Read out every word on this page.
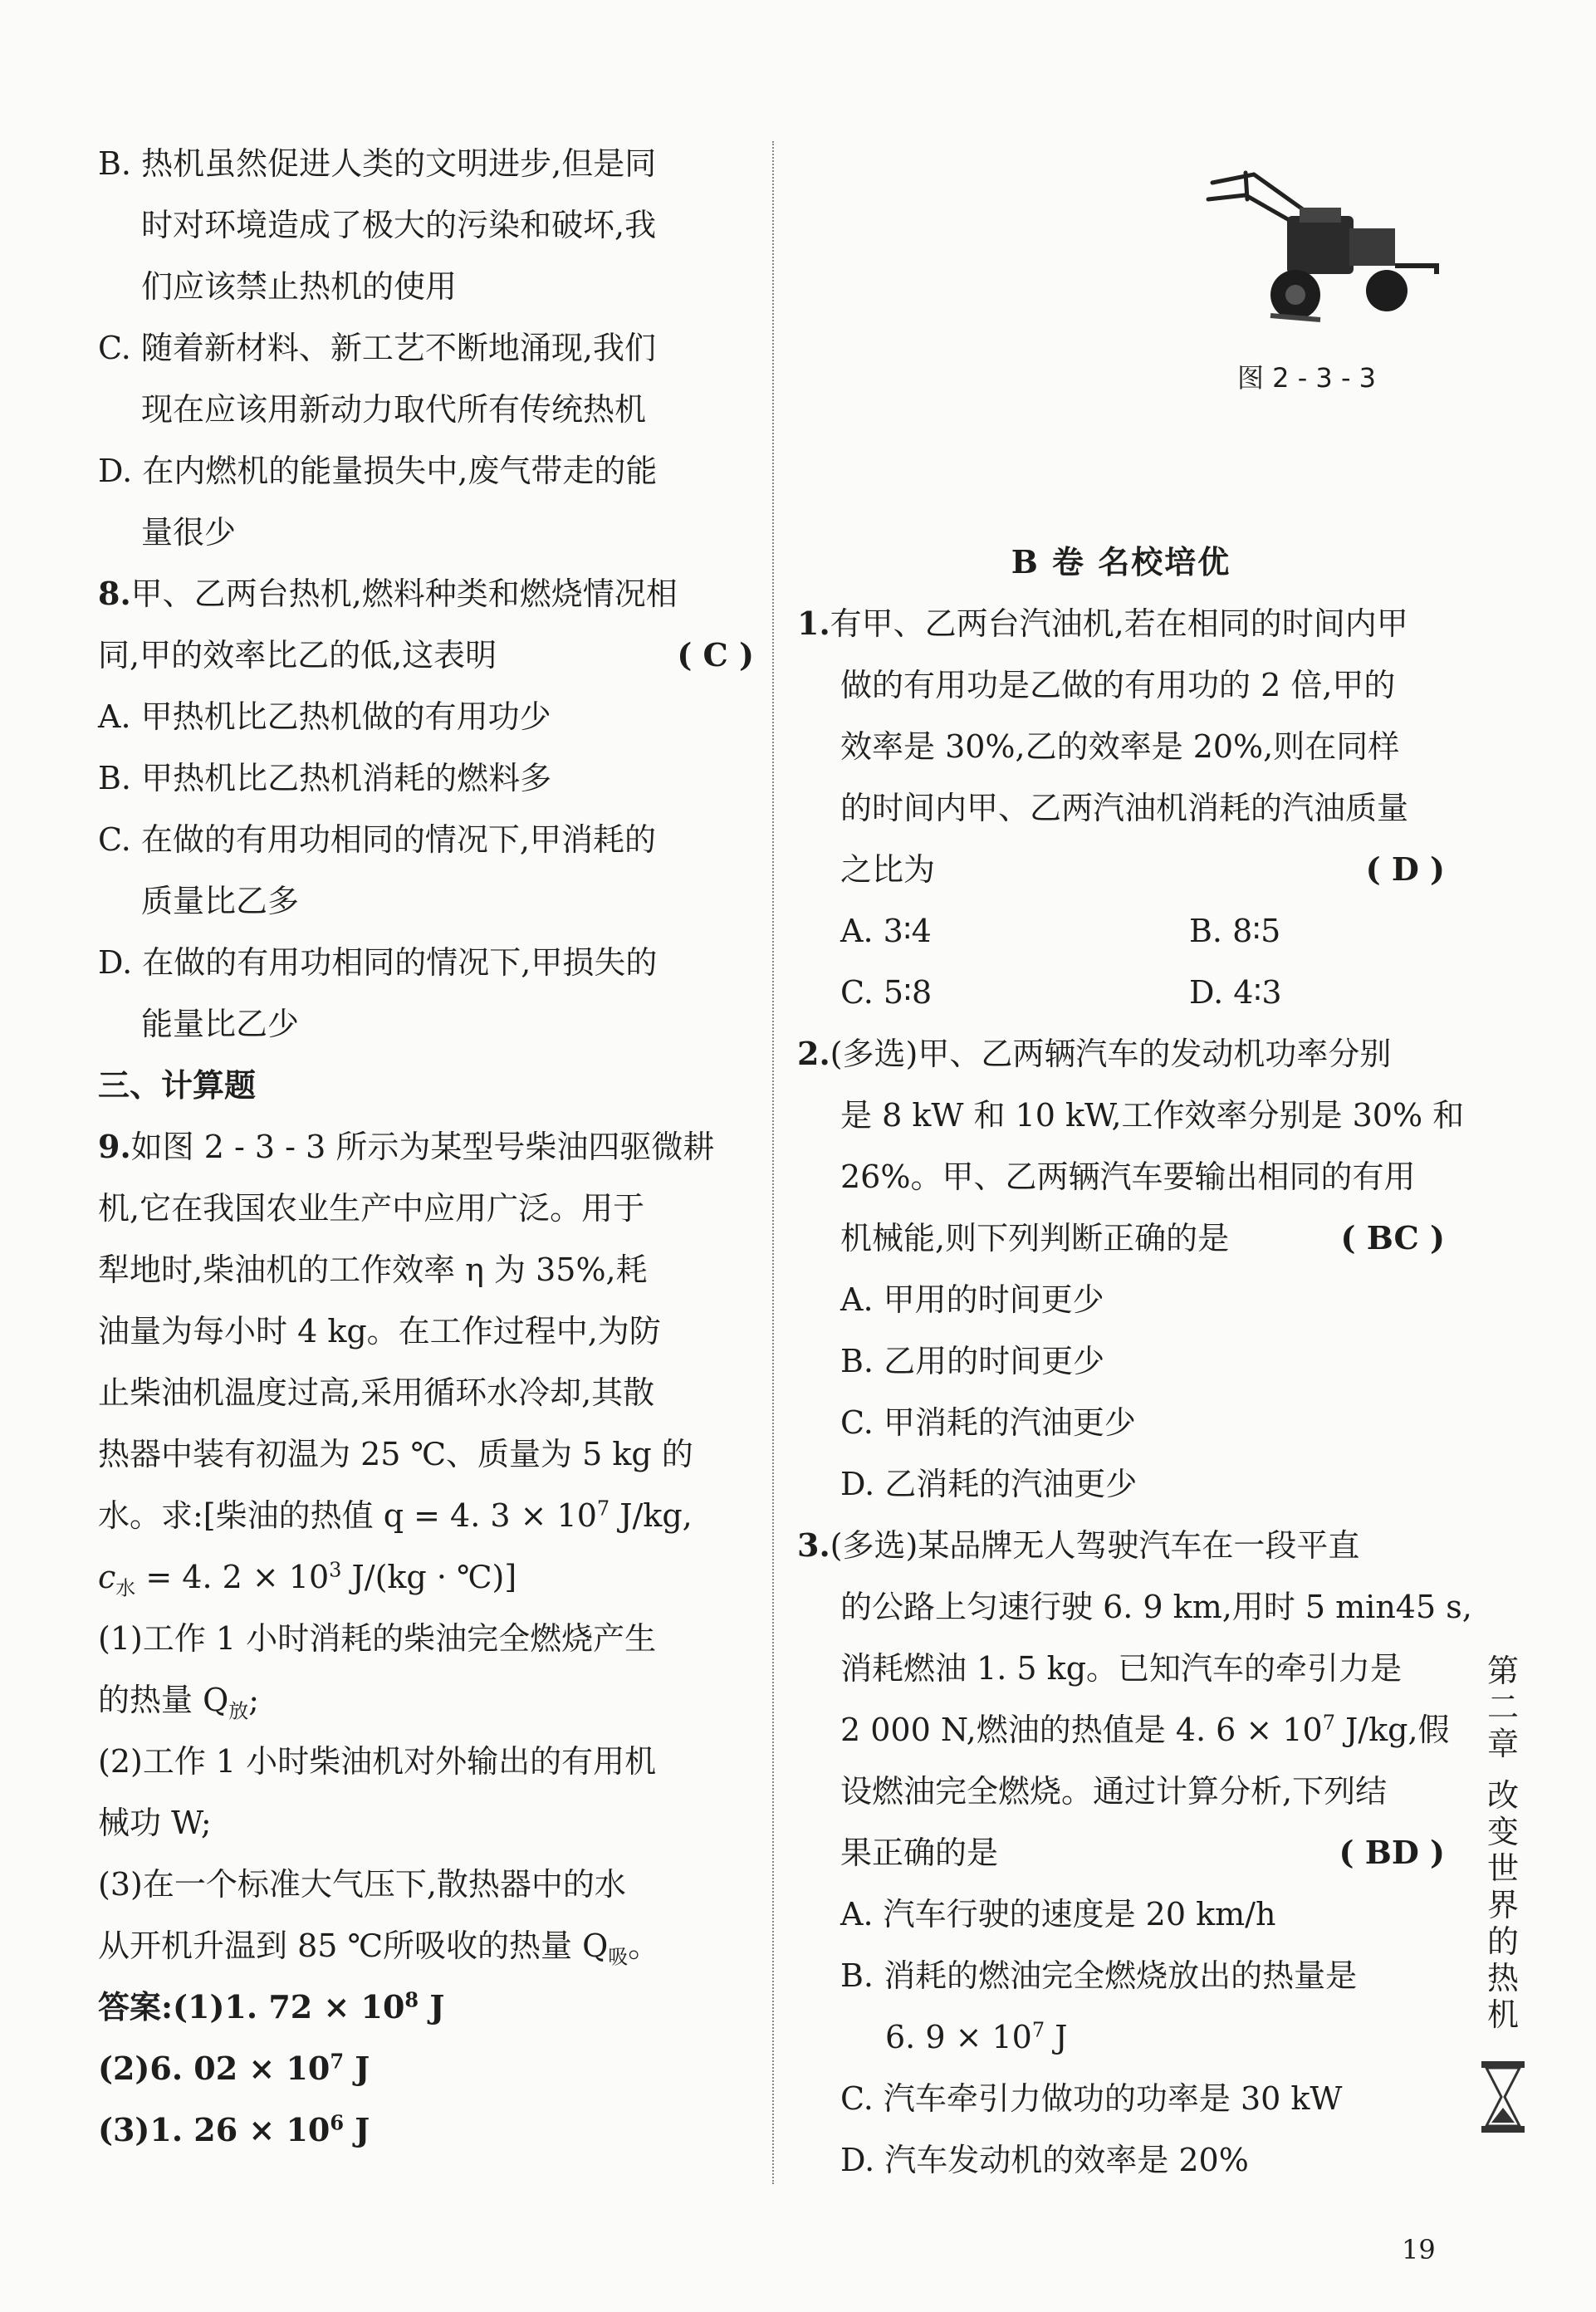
B. 热机虽然促进人类的文明进步,但是同
时对环境造成了极大的污染和破坏,我
们应该禁止热机的使用
C. 随着新材料、新工艺不断地涌现,我们
现在应该用新动力取代所有传统热机
D. 在内燃机的能量损失中,废气带走的能
量很少
8.甲、乙两台热机,燃料种类和燃烧情况相
同,甲的效率比乙的低,这表明	( C )
A. 甲热机比乙热机做的有用功少
B. 甲热机比乙热机消耗的燃料多
C. 在做的有用功相同的情况下,甲消耗的
质量比乙多
D. 在做的有用功相同的情况下,甲损失的
能量比乙少
三、计算题
9.如图 2 - 3 - 3 所示为某型号柴油四驱微耕
机,它在我国农业生产中应用广泛。用于
犁地时,柴油机的工作效率 η 为 35%,耗
油量为每小时 4 kg。在工作过程中,为防
止柴油机温度过高,采用循环水冷却,其散
热器中装有初温为 25 ℃、质量为 5 kg 的
水。求:[柴油的热值 q = 4. $3 \times 10^7$ J/kg,
$c_水 = 4$. $2 \times 10^3$ J/(kg · ℃)]
(1)工作 1 小时消耗的柴油完全燃烧产生
的热量 $Q_放$;
(2)工作 1 小时柴油机对外输出的有用机
械功 W;
(3)在一个标准大气压下,散热器中的水
从开机升温到 85 ℃所吸收的热量 $Q_吸$。
答案:(1)1. $72 \times 10^8$ J
(2)6. $02 \times 10^7$ J
(3)1. $26 \times 10^6$ J
图 2 - 3 - 3
B 卷 名校培优
1.有甲、乙两台汽油机,若在相同的时间内甲
做的有用功是乙做的有用功的 2 倍,甲的
效率是 30%,乙的效率是 20%,则在同样
的时间内甲、乙两汽油机消耗的汽油质量
之比为	( D )
A. 3∶4	B. 8∶5
C. 5∶8	D. 4∶3
2.(多选)甲、乙两辆汽车的发动机功率分别
是 8 kW 和 10 kW,工作效率分别是 30% 和
26%。甲、乙两辆汽车要输出相同的有用
机械能,则下列判断正确的是	( BC )
A. 甲用的时间更少
B. 乙用的时间更少
C. 甲消耗的汽油更少
D. 乙消耗的汽油更少
3.(多选)某品牌无人驾驶汽车在一段平直
的公路上匀速行驶 6. 9 km,用时 5 min45 s,
消耗燃油 1. 5 kg。已知汽车的牵引力是
2 000 N,燃油的热值是 4. $6 \times 10^7$ J/kg,假
设燃油完全燃烧。通过计算分析,下列结
果正确的是	( BD )
A. 汽车行驶的速度是 20 km/h
B. 消耗的燃油完全燃烧放出的热量是
6. $9 \times 10^7$ J
C. 汽车牵引力做功的功率是 30 kW
D. 汽车发动机的效率是 20%
第
二
章
改
变
世
界
的
热
机
19
